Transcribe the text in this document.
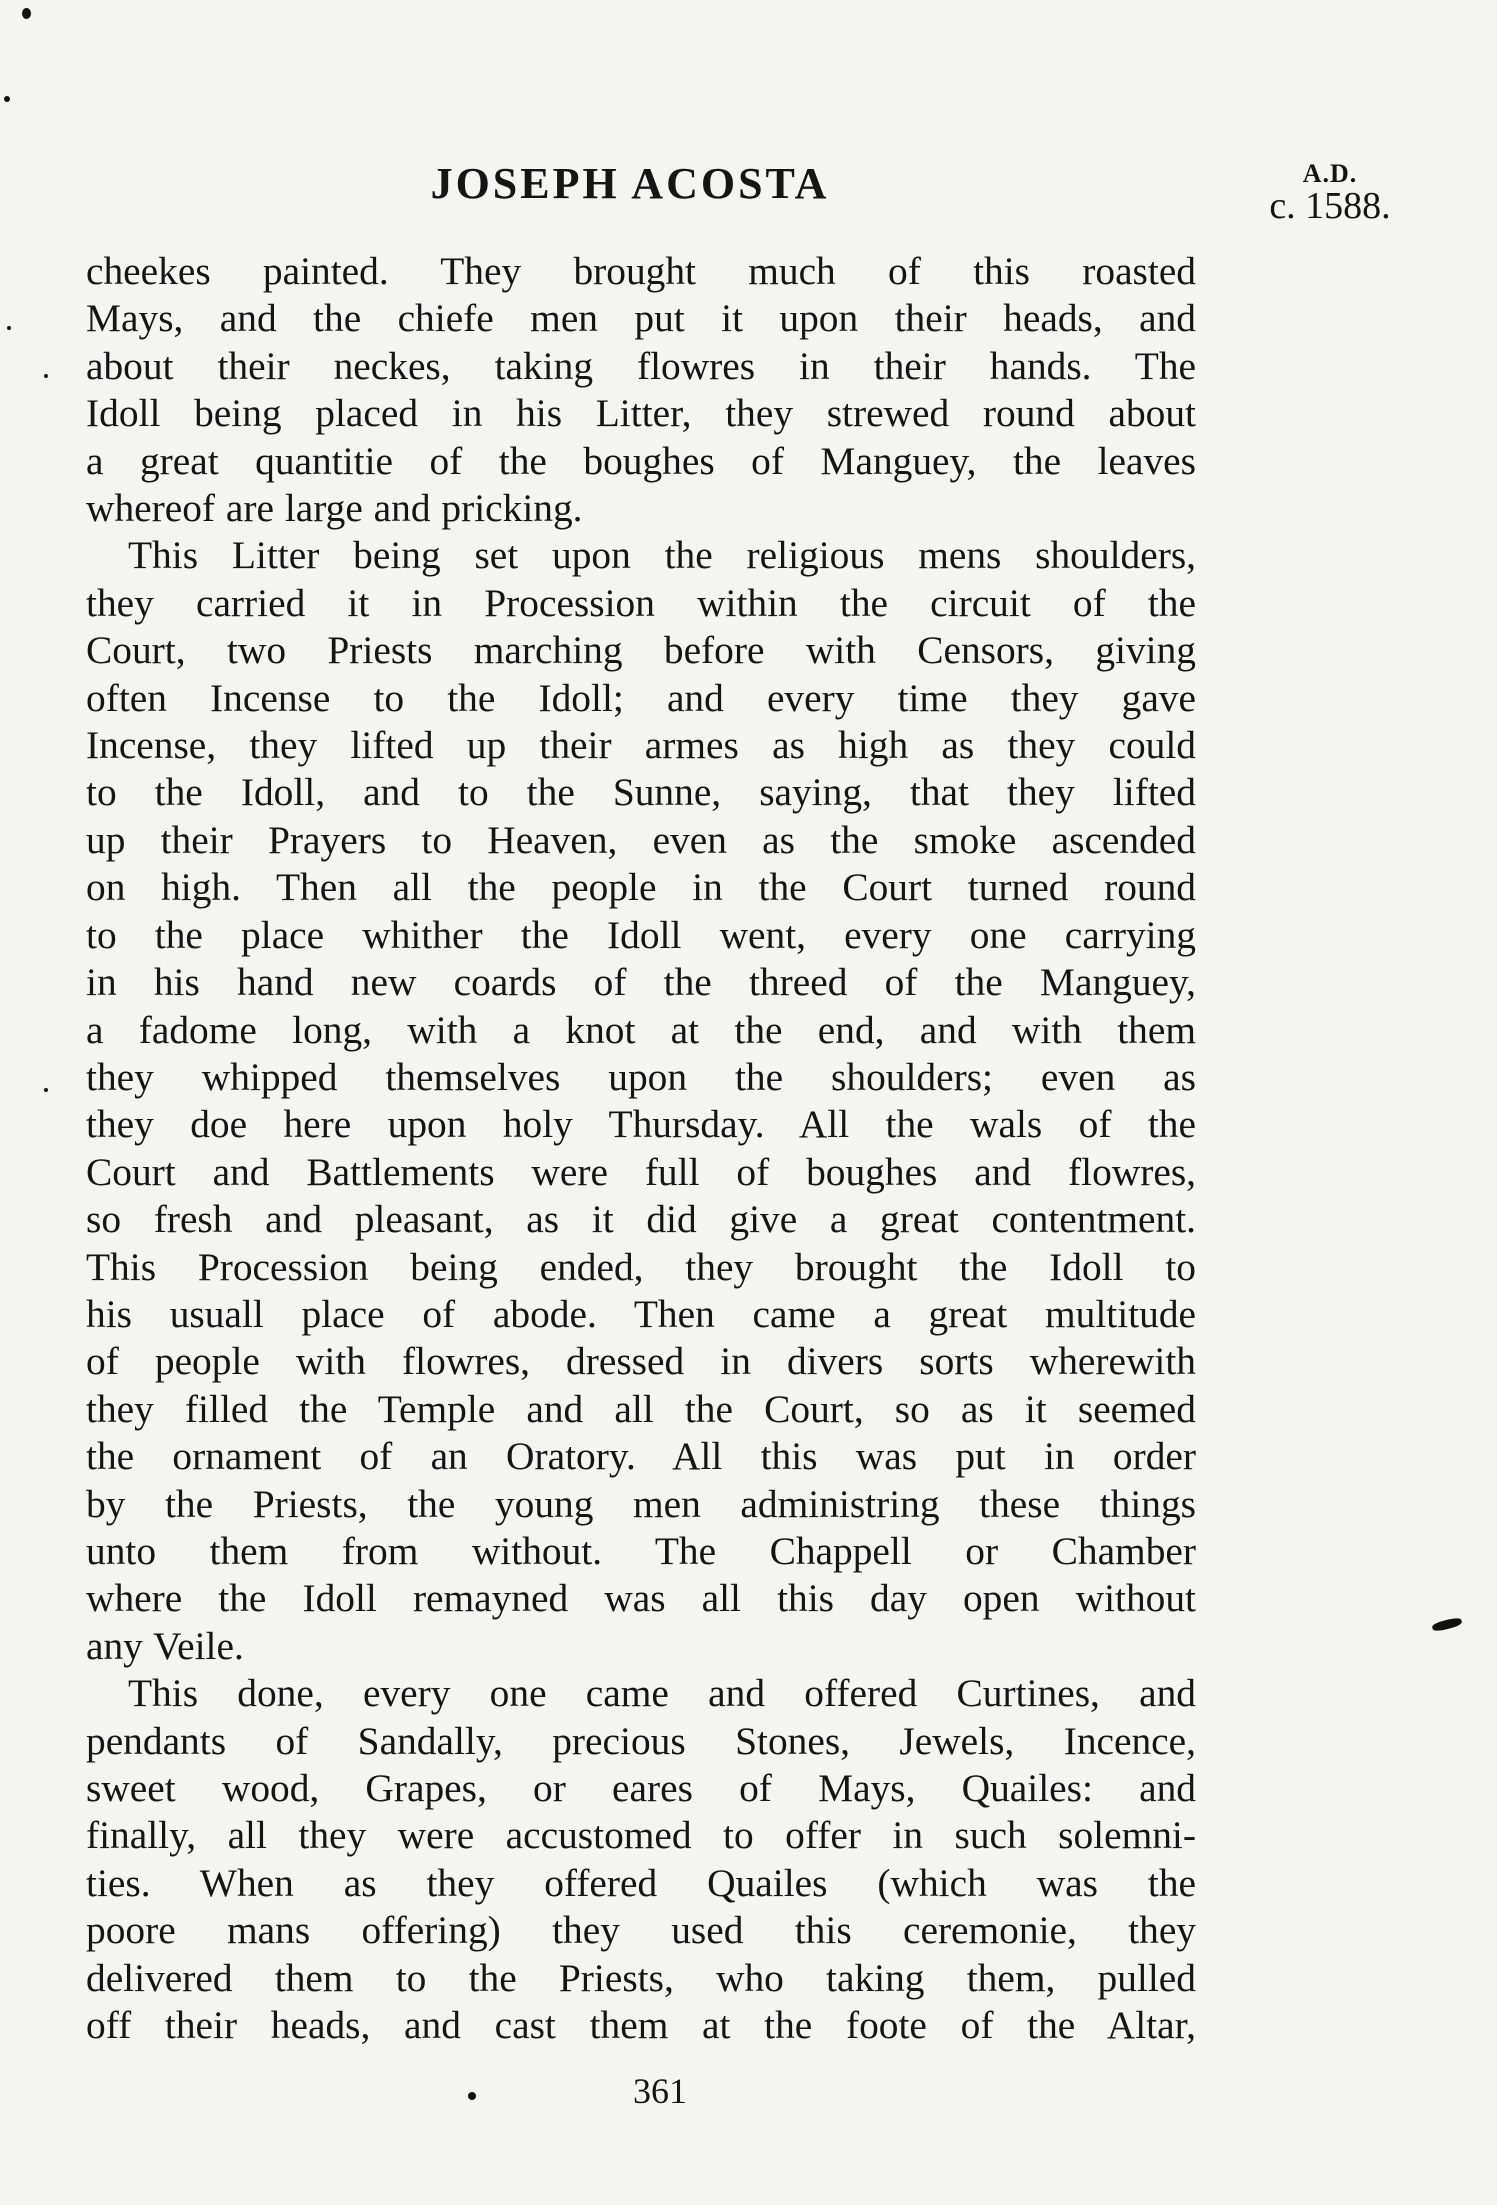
JOSEPH ACOSTA	A.D.
c. 1588.

cheekes painted. They brought much of this roasted
Mays, and the chiefe men put it upon their heads, and
about their neckes, taking flowres in their hands. The
Idoll being placed in his Litter, they strewed round about
a great quantitie of the boughes of Manguey, the leaves
whereof are large and pricking.

This Litter being set upon the religious mens shoulders,
they carried it in Procession within the circuit of the
Court, two Priests marching before with Censors, giving
often Incense to the Idoll; and every time they gave
Incense, they lifted up their armes as high as they could
to the Idoll, and to the Sunne, saying, that they lifted
up their Prayers to Heaven, even as the smoke ascended
on high. Then all the people in the Court turned round
to the place whither the Idoll went, every one carrying
in his hand new coards of the threed of the Manguey,
a fadome long, with a knot at the end, and with them
they whipped themselves upon the shoulders; even as
they doe here upon holy Thursday. All the wals of the
Court and Battlements were full of boughes and flowres,
so fresh and pleasant, as it did give a great contentment.
This Procession being ended, they brought the Idoll to
his usuall place of abode. Then came a great multitude
of people with flowres, dressed in divers sorts wherewith
they filled the Temple and all the Court, so as it seemed
the ornament of an Oratory. All this was put in order
by the Priests, the young men administring these things
unto them from without. The Chappell or Chamber
where the Idoll remayned was all this day open without
any Veile.

This done, every one came and offered Curtines, and
pendants of Sandally, precious Stones, Jewels, Incence,
sweet wood, Grapes, or eares of Mays, Quailes: and
finally, all they were accustomed to offer in such solemni-
ties. When as they offered Quailes (which was the
poore mans offering) they used this ceremonie, they
delivered them to the Priests, who taking them, pulled
off their heads, and cast them at the foote of the Altar,

361
